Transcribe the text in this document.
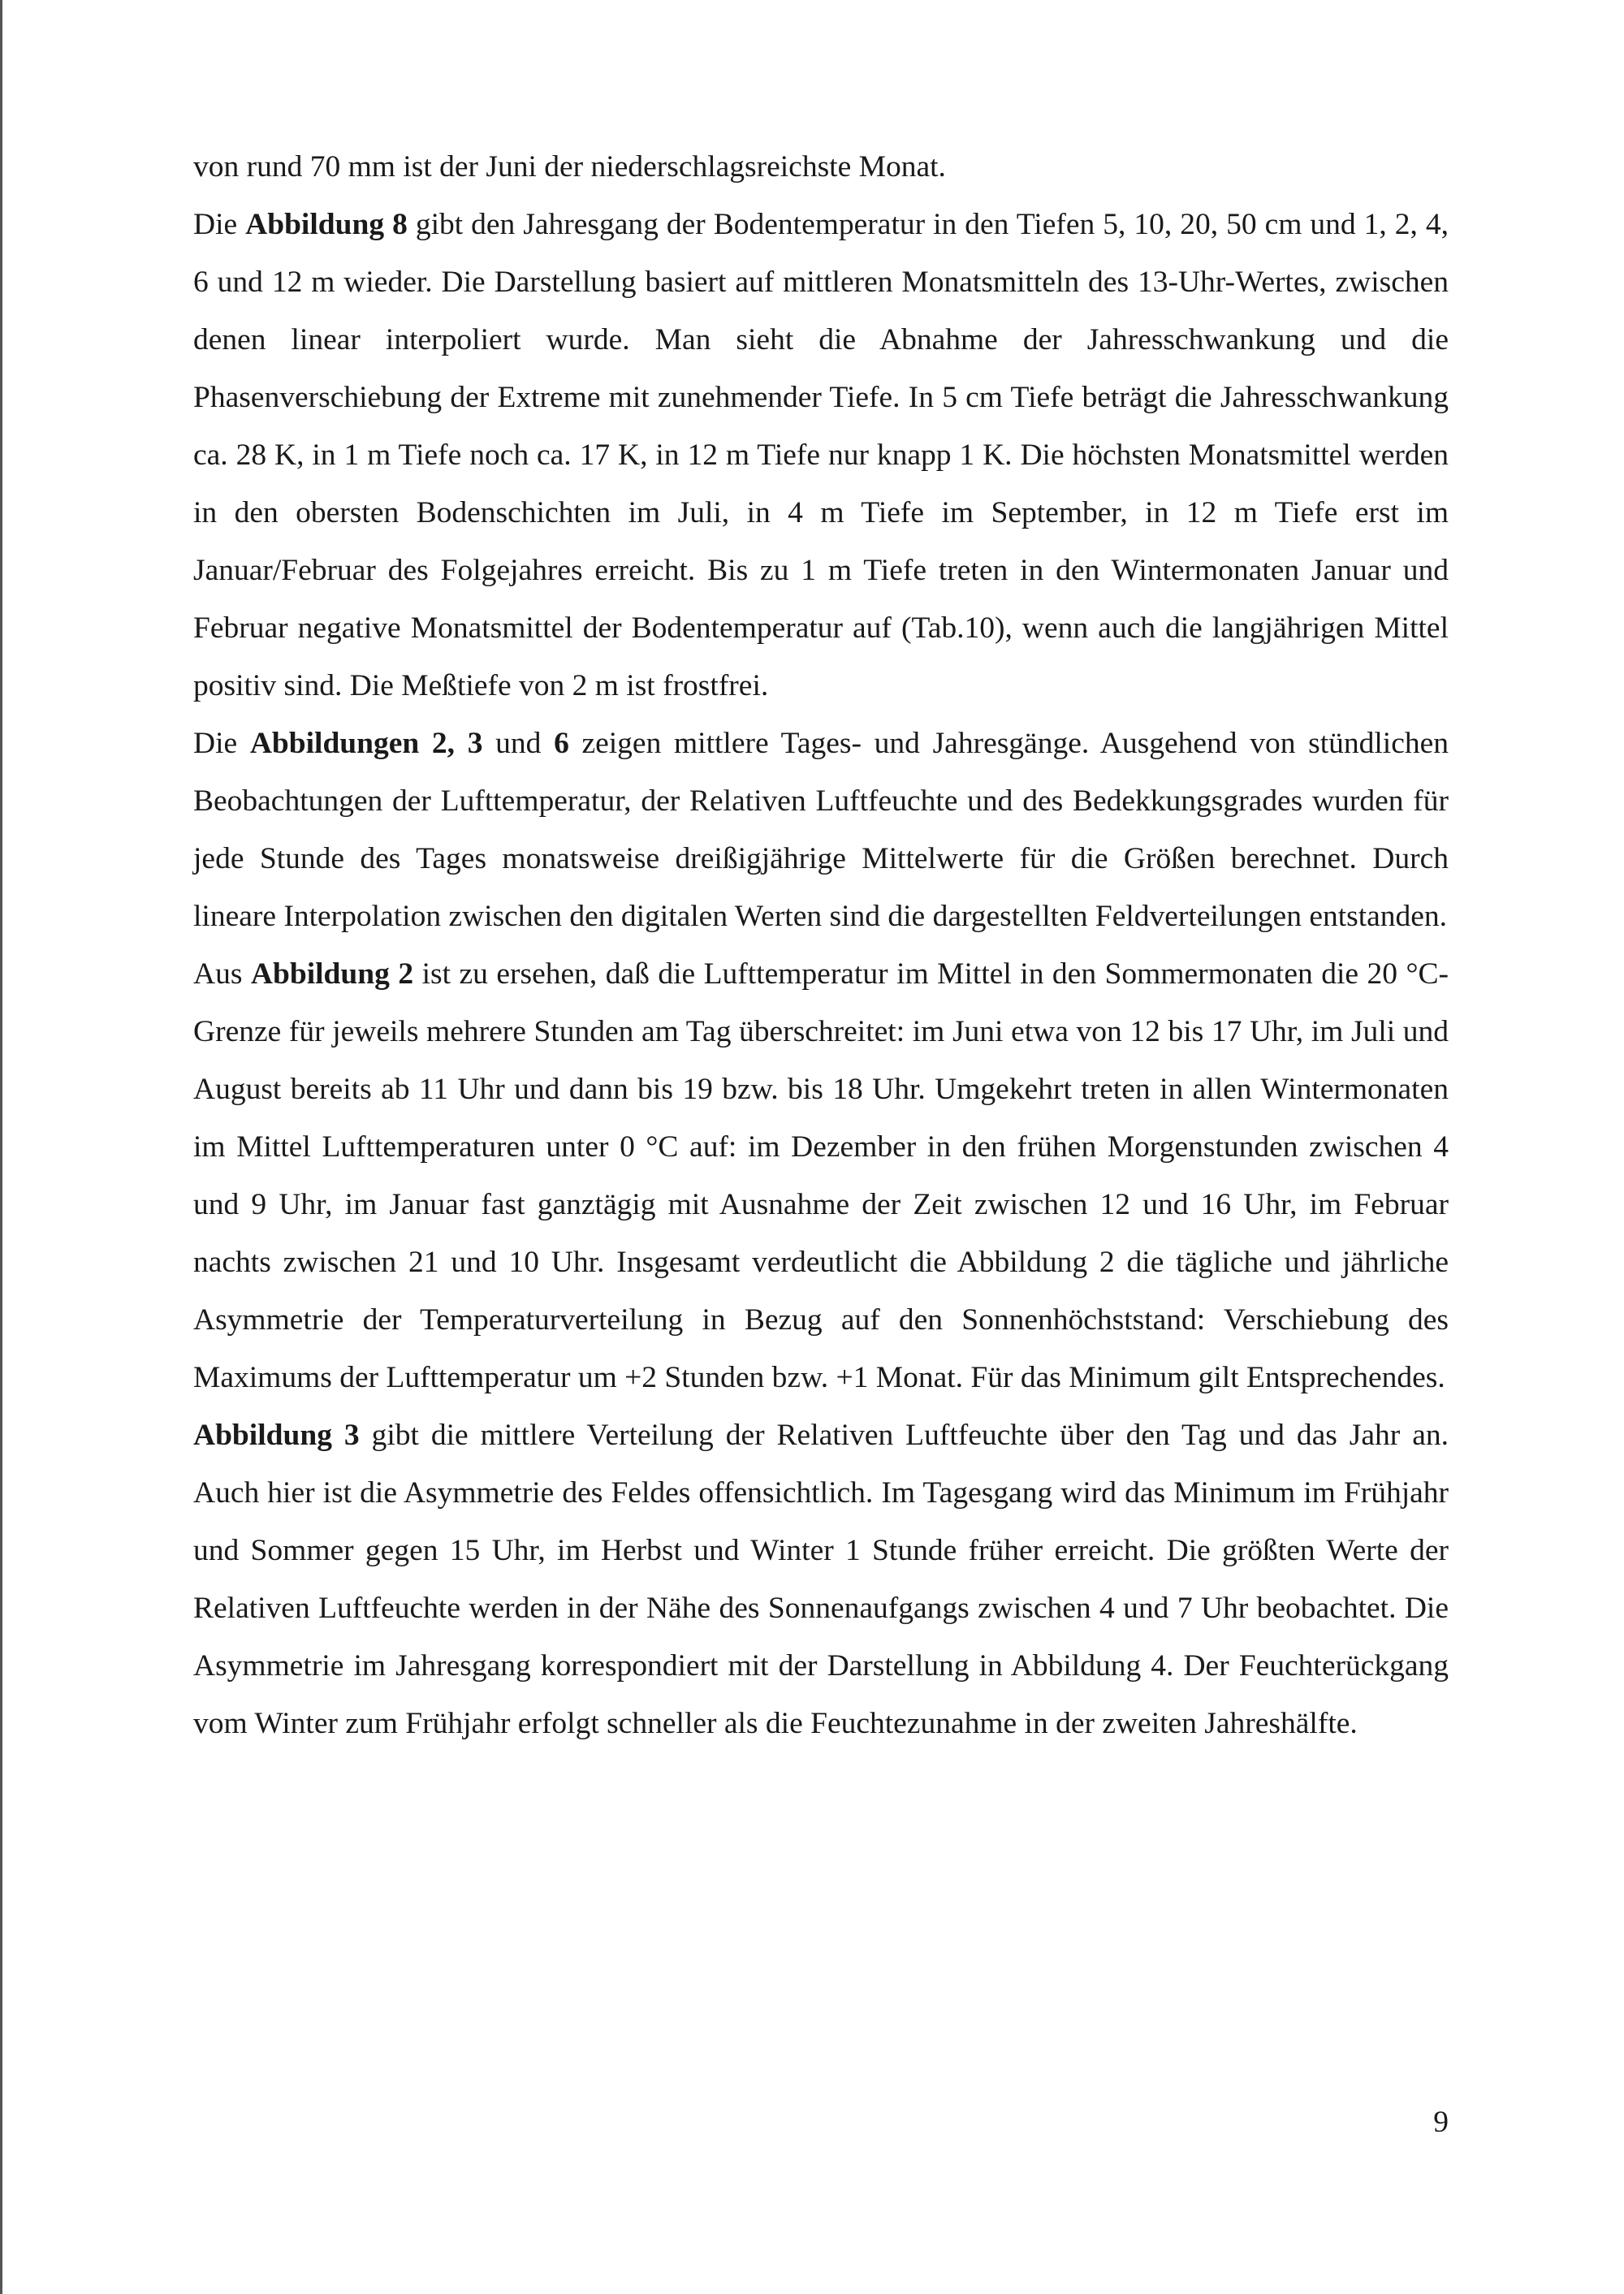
von rund 70 mm ist der Juni der niederschlagsreichste Monat.

Die Abbildung 8 gibt den Jahresgang der Bodentemperatur in den Tiefen 5, 10, 20, 50 cm und 1, 2, 4, 6 und 12 m wieder. Die Darstellung basiert auf mittleren Monatsmitteln des 13-Uhr-Wertes, zwischen denen linear interpoliert wurde. Man sieht die Abnahme der Jahresschwankung und die Phasenverschiebung der Extreme mit zunehmender Tiefe. In 5 cm Tiefe beträgt die Jahresschwankung ca. 28 K, in 1 m Tiefe noch ca. 17 K, in 12 m Tiefe nur knapp 1 K. Die höchsten Monatsmittel werden in den obersten Bodenschichten im Juli, in 4 m Tiefe im September, in 12 m Tiefe erst im Januar/Februar des Folgejahres erreicht. Bis zu 1 m Tiefe treten in den Wintermonaten Januar und Februar negative Monatsmittel der Bodentemperatur auf (Tab.10), wenn auch die langjährigen Mittel positiv sind. Die Meßtiefe von 2 m ist frostfrei.

Die Abbildungen 2, 3 und 6 zeigen mittlere Tages- und Jahresgänge. Ausgehend von stündlichen Beobachtungen der Lufttemperatur, der Relativen Luftfeuchte und des Bedekkungsgrades wurden für jede Stunde des Tages monatsweise dreißigjährige Mittelwerte für die Größen berechnet. Durch lineare Interpolation zwischen den digitalen Werten sind die dargestellten Feldverteilungen entstanden.

Aus Abbildung 2 ist zu ersehen, daß die Lufttemperatur im Mittel in den Sommermonaten die 20 °C- Grenze für jeweils mehrere Stunden am Tag überschreitet: im Juni etwa von 12 bis 17 Uhr, im Juli und August bereits ab 11 Uhr und dann bis 19 bzw. bis 18 Uhr. Umgekehrt treten in allen Wintermonaten im Mittel Lufttemperaturen unter 0 °C auf: im Dezember in den frühen Morgenstunden zwischen 4 und 9 Uhr, im Januar fast ganztägig mit Ausnahme der Zeit zwischen 12 und 16 Uhr, im Februar nachts zwischen 21 und 10 Uhr. Insgesamt verdeutlicht die Abbildung 2 die tägliche und jährliche Asymmetrie der Temperaturverteilung in Bezug auf den Sonnenhöchststand: Verschiebung des Maximums der Lufttemperatur um +2 Stunden bzw. +1 Monat. Für das Minimum gilt Entsprechendes.

Abbildung 3 gibt die mittlere Verteilung der Relativen Luftfeuchte über den Tag und das Jahr an. Auch hier ist die Asymmetrie des Feldes offensichtlich. Im Tagesgang wird das Minimum im Frühjahr und Sommer gegen 15 Uhr, im Herbst und Winter 1 Stunde früher erreicht. Die größten Werte der Relativen Luftfeuchte werden in der Nähe des Sonnenaufgangs zwischen 4 und 7 Uhr beobachtet. Die Asymmetrie im Jahresgang korrespondiert mit der Darstellung in Abbildung 4. Der Feuchterückgang vom Winter zum Frühjahr erfolgt schneller als die Feuchtezunahme in der zweiten Jahreshälfte.

9
